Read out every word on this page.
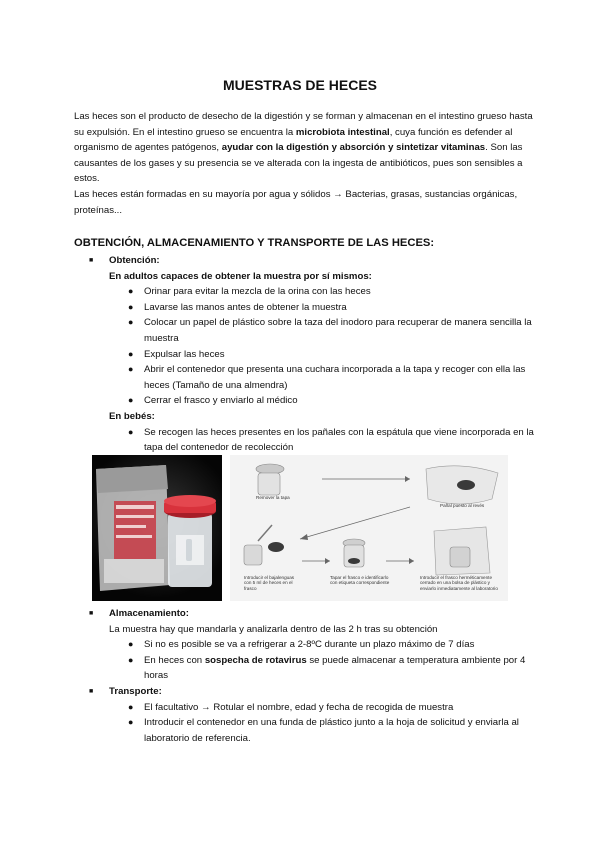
MUESTRAS DE HECES

Las heces son el producto de desecho de la digestión y se forman y almacenan en el intestino grueso hasta su expulsión. En el intestino grueso se encuentra la microbiota intestinal, cuya función es defender al organismo de agentes patógenos, ayudar con la digestión y absorción y sintetizar vitaminas. Son las causantes de los gases y su presencia se ve alterada con la ingesta de antibióticos, pues son sensibles a estos.

Las heces están formadas en su mayoría por agua y sólidos → Bacterias, grasas, sustancias orgánicas, proteínas...

OBTENCIÓN, ALMACENAMIENTO Y TRANSPORTE DE LAS HECES:
■ Obtención:
En adultos capaces de obtener la muestra por sí mismos:
● Orinar para evitar la mezcla de la orina con las heces
● Lavarse las manos antes de obtener la muestra
● Colocar un papel de plástico sobre la taza del inodoro para recuperar de manera sencilla la muestra
● Expulsar las heces
● Abrir el contenedor que presenta una cuchara incorporada a la tapa y recoger con ella las heces (Tamaño de una almendra)
● Cerrar el frasco y enviarlo al médico
En bebés:
● Se recogen las heces presentes en los pañales con la espátula que viene incorporada en la tapa del contenedor de recolección
Remover la tapa
Pañal puesto al revés
Introducir el bajalenguas con 5 ml de heces en el frasco
Tapar el frasco e identificarlo con etiqueta correspondiente
Introducir el frasco herméticamente cerrado en una bolsa de plástico y enviarlo inmediatamente al laboratorio
■ Almacenamiento:
La muestra hay que mandarla y analizarla dentro de las 2 h tras su obtención
● Si no es posible se va a refrigerar a 2-8ºC durante un plazo máximo de 7 días
● En heces con sospecha de rotavirus se puede almacenar a temperatura ambiente por 4 horas
■ Transporte:
● El facultativo → Rotular el nombre, edad y fecha de recogida de muestra
● Introducir el contenedor en una funda de plástico junto a la hoja de solicitud y enviarla al laboratorio de referencia.
